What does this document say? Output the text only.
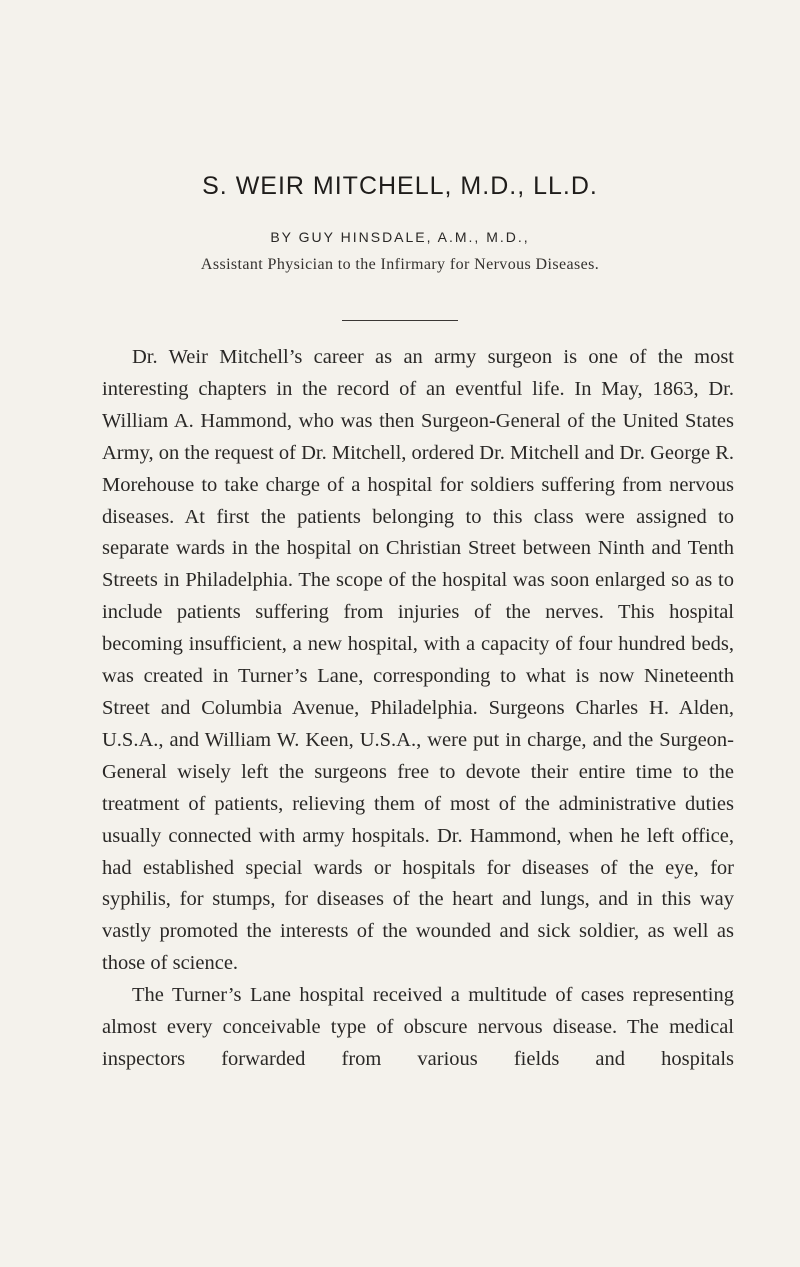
S. WEIR MITCHELL, M.D., LL.D.
BY GUY HINSDALE, A.M., M.D.,
Assistant Physician to the Infirmary for Nervous Diseases.

Dr. Weir Mitchell’s career as an army surgeon is one of the most interesting chapters in the record of an eventful life. In May, 1863, Dr. William A. Hammond, who was then Surgeon-General of the United States Army, on the request of Dr. Mitchell, ordered Dr. Mitchell and Dr. George R. Morehouse to take charge of a hospital for soldiers suffering from nervous diseases. At first the patients belonging to this class were assigned to separate wards in the hospital on Christian Street between Ninth and Tenth Streets in Philadelphia. The scope of the hospital was soon enlarged so as to include patients suffering from injuries of the nerves. This hospital becoming insufficient, a new hospital, with a capacity of four hundred beds, was created in Turner’s Lane, corresponding to what is now Nineteenth Street and Columbia Avenue, Philadelphia. Surgeons Charles H. Alden, U.S.A., and William W. Keen, U.S.A., were put in charge, and the Surgeon-General wisely left the surgeons free to devote their entire time to the treatment of patients, relieving them of most of the administrative duties usually connected with army hospitals. Dr. Hammond, when he left office, had established special wards or hospitals for diseases of the eye, for syphilis, for stumps, for diseases of the heart and lungs, and in this way vastly promoted the interests of the wounded and sick soldier, as well as those of science.

The Turner’s Lane hospital received a multitude of cases representing almost every conceivable type of obscure nervous disease. The medical inspectors forwarded from various fields and hospitals
